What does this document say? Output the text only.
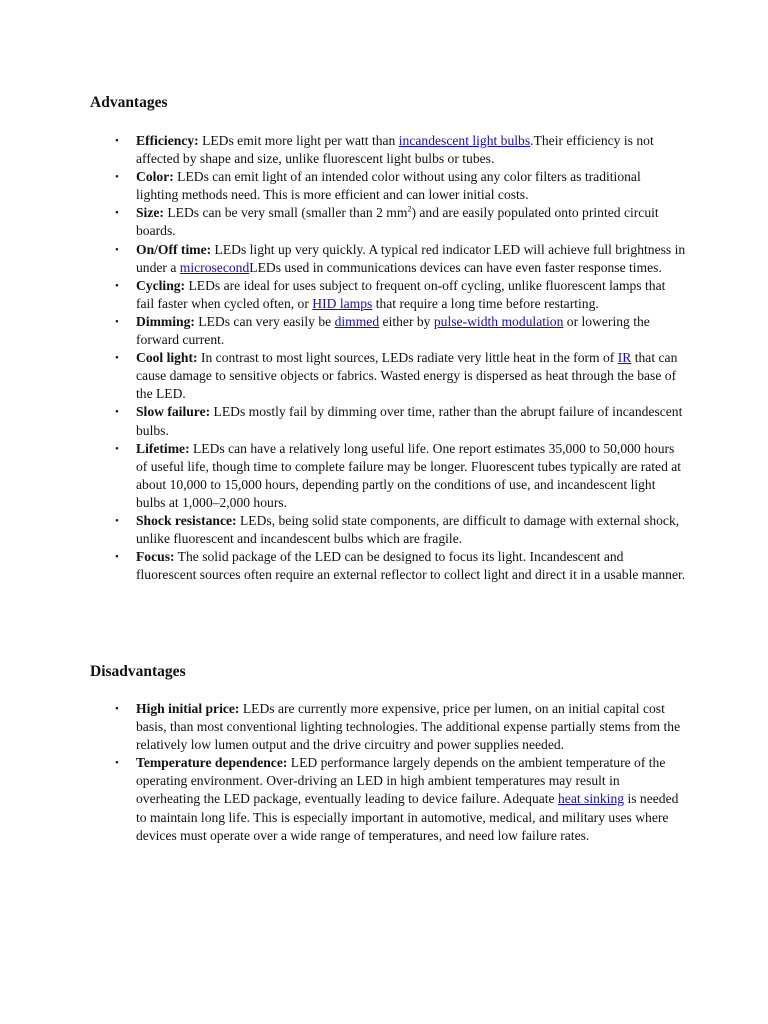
Advantages
• Efficiency: LEDs emit more light per watt than incandescent light bulbs.Their efficiency is not affected by shape and size, unlike fluorescent light bulbs or tubes.
• Color: LEDs can emit light of an intended color without using any color filters as traditional lighting methods need. This is more efficient and can lower initial costs.
• Size: LEDs can be very small (smaller than 2 $mm^2$) and are easily populated onto printed circuit boards.
• On/Off time: LEDs light up very quickly. A typical red indicator LED will achieve full brightness in under a microsecondLEDs used in communications devices can have even faster response times.
• Cycling: LEDs are ideal for uses subject to frequent on-off cycling, unlike fluorescent lamps that fail faster when cycled often, or HID lamps that require a long time before restarting.
• Dimming: LEDs can very easily be dimmed either by pulse-width modulation or lowering the forward current.
• Cool light: In contrast to most light sources, LEDs radiate very little heat in the form of IR that can cause damage to sensitive objects or fabrics. Wasted energy is dispersed as heat through the base of the LED.
• Slow failure: LEDs mostly fail by dimming over time, rather than the abrupt failure of incandescent bulbs.
• Lifetime: LEDs can have a relatively long useful life. One report estimates 35,000 to 50,000 hours of useful life, though time to complete failure may be longer. Fluorescent tubes typically are rated at about 10,000 to 15,000 hours, depending partly on the conditions of use, and incandescent light bulbs at 1,000–2,000 hours.
• Shock resistance: LEDs, being solid state components, are difficult to damage with external shock, unlike fluorescent and incandescent bulbs which are fragile.
• Focus: The solid package of the LED can be designed to focus its light. Incandescent and fluorescent sources often require an external reflector to collect light and direct it in a usable manner.
Disadvantages
• High initial price: LEDs are currently more expensive, price per lumen, on an initial capital cost basis, than most conventional lighting technologies. The additional expense partially stems from the relatively low lumen output and the drive circuitry and power supplies needed.
• Temperature dependence: LED performance largely depends on the ambient temperature of the operating environment. Over-driving an LED in high ambient temperatures may result in overheating the LED package, eventually leading to device failure. Adequate heat sinking is needed to maintain long life. This is especially important in automotive, medical, and military uses where devices must operate over a wide range of temperatures, and need low failure rates.
